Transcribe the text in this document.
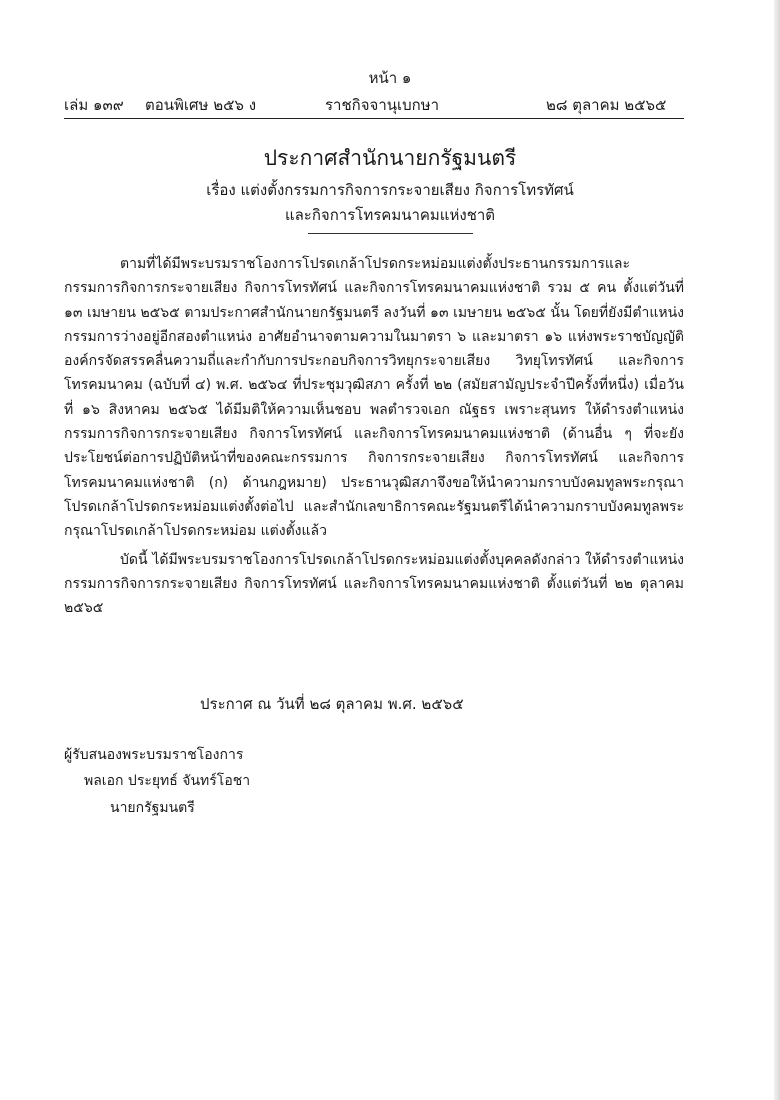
หน้า ๑
เล่ม ๑๓๙ ตอนพิเศษ ๒๕๖ ง	ราชกิจจานุเบกษา	๒๘ ตุลาคม ๒๕๖๕
ประกาศสำนักนายกรัฐมนตรี
เรื่อง แต่งตั้งกรรมการกิจการกระจายเสียง กิจการโทรทัศน์
และกิจการโทรคมนาคมแห่งชาติ

ตามที่ได้มีพระบรมราชโองการโปรดเกล้าโปรดกระหม่อมแต่งตั้งประธานกรรมการและกรรมการกิจการกระจายเสียง กิจการโทรทัศน์ และกิจการโทรคมนาคมแห่งชาติ รวม ๕ คน ตั้งแต่วันที่ ๑๓ เมษายน ๒๕๖๕ ตามประกาศสำนักนายกรัฐมนตรี ลงวันที่ ๑๓ เมษายน ๒๕๖๕ นั้น โดยที่ยังมีตำแหน่งกรรมการว่างอยู่อีกสองตำแหน่ง อาศัยอำนาจตามความในมาตรา ๖ และมาตรา ๑๖ แห่งพระราชบัญญัติองค์กรจัดสรรคลื่นความถี่และกำกับการประกอบกิจการวิทยุกระจายเสียง วิทยุโทรทัศน์ และกิจการโทรคมนาคม (ฉบับที่ ๔) พ.ศ. ๒๕๖๔ ที่ประชุมวุฒิสภา ครั้งที่ ๒๒ (สมัยสามัญประจำปีครั้งที่หนึ่ง) เมื่อวันที่ ๑๖ สิงหาคม ๒๕๖๕ ได้มีมติให้ความเห็นชอบ พลตำรวจเอก ณัฐธร เพราะสุนทร ให้ดำรงตำแหน่ง กรรมการกิจการกระจายเสียง กิจการโทรทัศน์ และกิจการโทรคมนาคมแห่งชาติ (ด้านอื่น ๆ ที่จะยังประโยชน์ต่อการปฏิบัติหน้าที่ของคณะกรรมการ กิจการกระจายเสียง กิจการโทรทัศน์ และกิจการโทรคมนาคมแห่งชาติ (ก) ด้านกฎหมาย) ประธานวุฒิสภาจึงขอให้นำความกราบบังคมทูลพระกรุณาโปรดเกล้าโปรดกระหม่อมแต่งตั้งต่อไป และสำนักเลขาธิการคณะรัฐมนตรีได้นำความกราบบังคมทูลพระกรุณาโปรดเกล้าโปรดกระหม่อม แต่งตั้งแล้ว

บัดนี้ ได้มีพระบรมราชโองการโปรดเกล้าโปรดกระหม่อมแต่งตั้งบุคคลดังกล่าว ให้ดำรงตำแหน่ง กรรมการกิจการกระจายเสียง กิจการโทรทัศน์ และกิจการโทรคมนาคมแห่งชาติ ตั้งแต่วันที่ ๒๒ ตุลาคม ๒๕๖๕

ประกาศ ณ วันที่ ๒๘ ตุลาคม พ.ศ. ๒๕๖๕
ผู้รับสนองพระบรมราชโองการ
พลเอก ประยุทธ์ จันทร์โอชา
นายกรัฐมนตรี
